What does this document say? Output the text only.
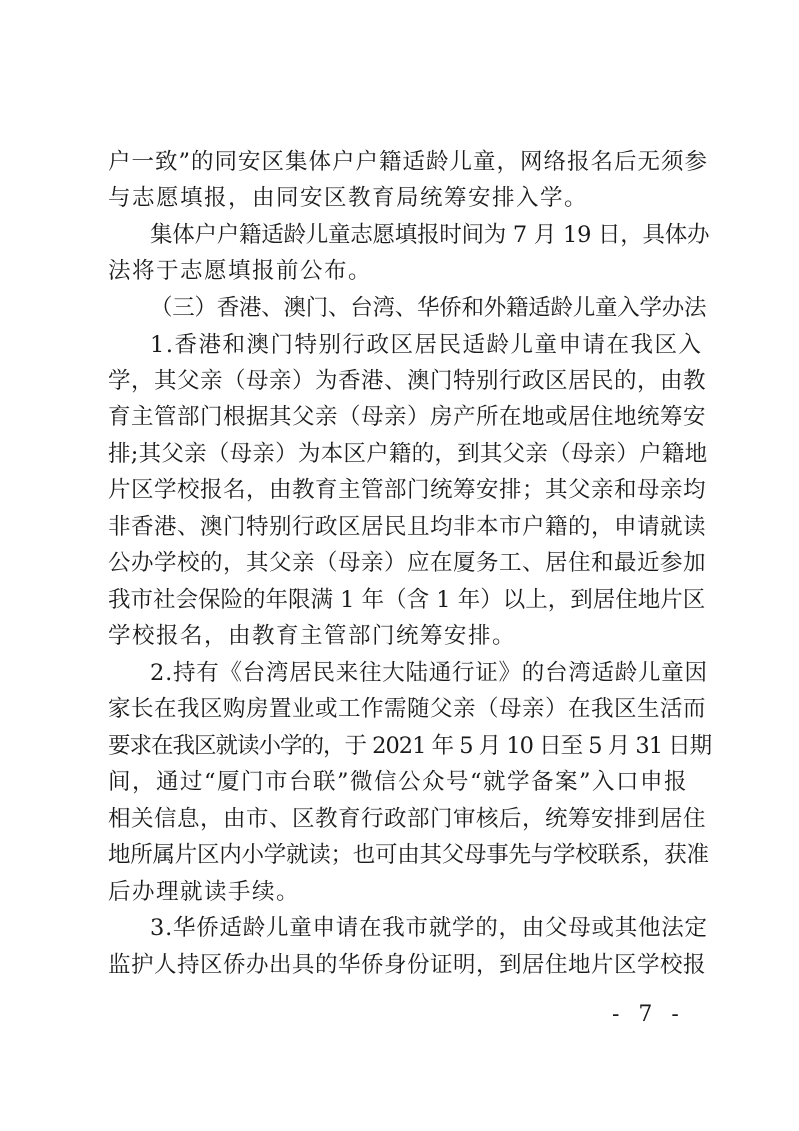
户一致”的同安区集体户户籍适龄儿童，网络报名后无须参
与志愿填报，由同安区教育局统筹安排入学。
集体户户籍适龄儿童志愿填报时间为 7 月 19 日，具体办
法将于志愿填报前公布。
（三）香港、澳门、台湾、华侨和外籍适龄儿童入学办法
1.香港和澳门特别行政区居民适龄儿童申请在我区入
学，其父亲（母亲）为香港、澳门特别行政区居民的，由教
育主管部门根据其父亲（母亲）房产所在地或居住地统筹安
排;其父亲（母亲）为本区户籍的，到其父亲（母亲）户籍地
片区学校报名，由教育主管部门统筹安排；其父亲和母亲均
非香港、澳门特别行政区居民且均非本市户籍的，申请就读
公办学校的，其父亲（母亲）应在厦务工、居住和最近参加
我市社会保险的年限满 1 年（含 1 年）以上，到居住地片区
学校报名，由教育主管部门统筹安排。
2.持有《台湾居民来往大陆通行证》的台湾适龄儿童因
家长在我区购房置业或工作需随父亲（母亲）在我区生活而
要求在我区就读小学的，于 2021 年 5 月 10 日至 5 月 31 日期
间，通过“厦门市台联”微信公众号“就学备案”入口申报
相关信息，由市、区教育行政部门审核后，统筹安排到居住
地所属片区内小学就读；也可由其父母事先与学校联系，获准
后办理就读手续。
3.华侨适龄儿童申请在我市就学的，由父母或其他法定
监护人持区侨办出具的华侨身份证明，到居住地片区学校报
- 7 -
